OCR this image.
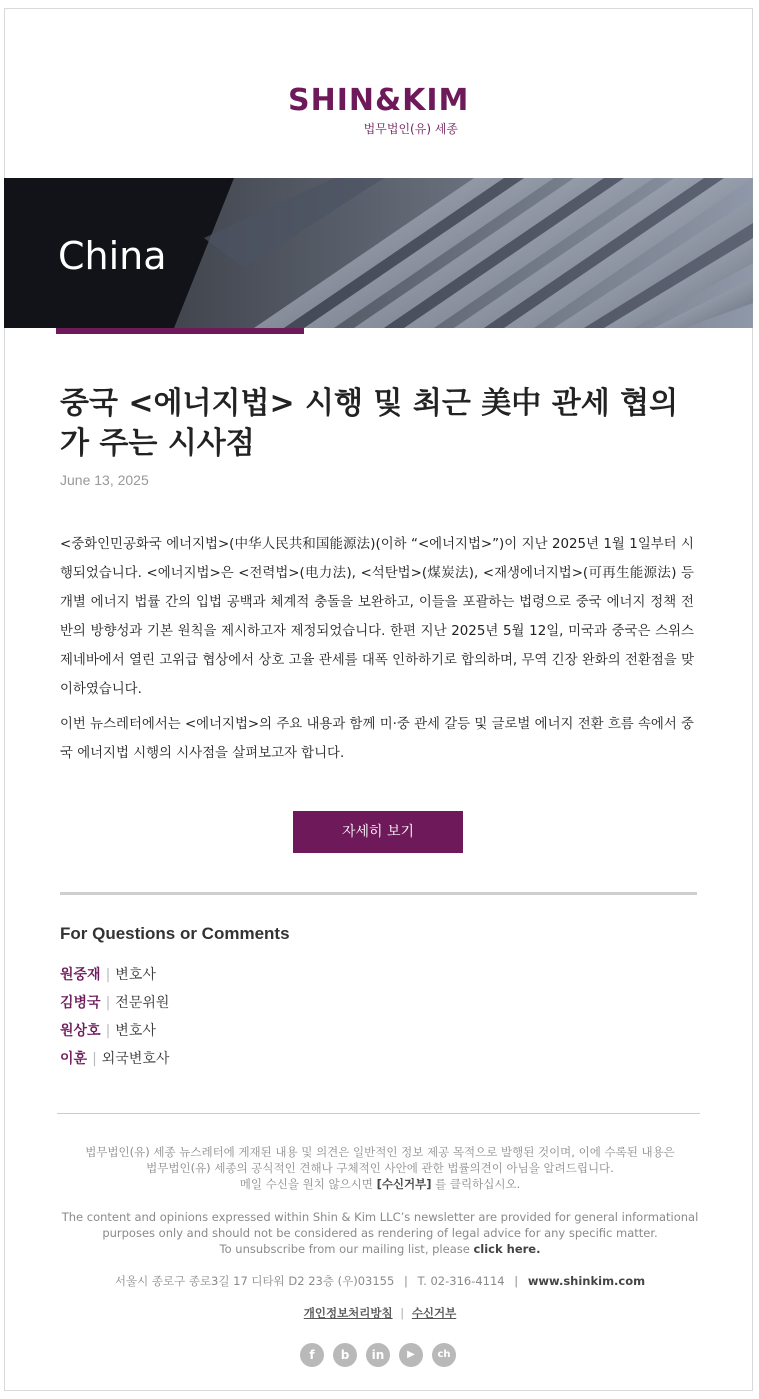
SHIN&KIM
법무법인(유) 세종
China
중국 <에너지법> 시행 및 최근 美中 관세 협의가 주는 시사점
June 13, 2025
<중화인민공화국 에너지법>(中华人民共和国能源法)(이하 “<에너지법>”)이 지난 2025년 1월 1일부터 시행되었습니다. <에너지법>은 <전력법>(电力法), <석탄법>(煤炭法), <재생에너지법>(可再生能源法) 등 개별 에너지 법률 간의 입법 공백과 체계적 충돌을 보완하고, 이들을 포괄하는 법령으로 중국 에너지 정책 전반의 방향성과 기본 원칙을 제시하고자 제정되었습니다. 한편 지난 2025년 5월 12일, 미국과 중국은 스위스 제네바에서 열린 고위급 협상에서 상호 고율 관세를 대폭 인하하기로 합의하며, 무역 긴장 완화의 전환점을 맞이하였습니다.
이번 뉴스레터에서는 <에너지법>의 주요 내용과 함께 미·중 관세 갈등 및 글로벌 에너지 전환 흐름 속에서 중국 에너지법 시행의 시사점을 살펴보고자 합니다.
자세히 보기
For Questions or Comments
원중재 | 변호사
김병국 | 전문위원
원상호 | 변호사
이훈 | 외국변호사
법무법인(유) 세종 뉴스레터에 게재된 내용 및 의견은 일반적인 정보 제공 목적으로 발행된 것이며, 이에 수록된 내용은
법무법인(유) 세종의 공식적인 견해나 구체적인 사안에 관한 법률의견이 아님을 알려드립니다.
메일 수신을 원치 않으시면 [수신거부] 를 클릭하십시오.
The content and opinions expressed within Shin & Kim LLC’s newsletter are provided for general informational
purposes only and should not be considered as rendering of legal advice for any specific matter.
To unsubscribe from our mailing list, please click here.
서울시 종로구 종로3길 17 디타워 D2 23층 (우)03155 | T. 02-316-4114 | www.shinkim.com
개인정보처리방침 | 수신거부
f	b	in	▶	ch
